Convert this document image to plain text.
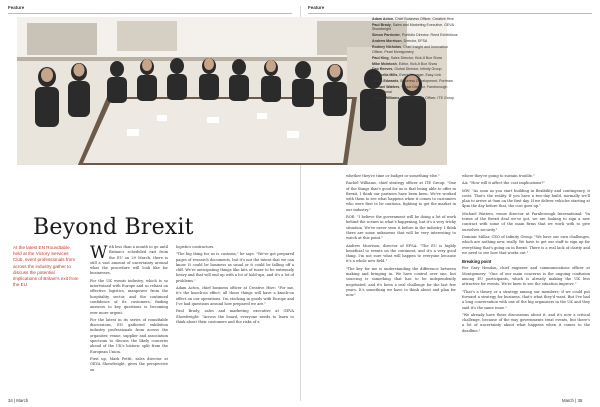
Feature	Feature
Beyond Brexit
At the latest EN Roundtable, held at the Victory Services Club, event professionals from across the industry gather to discuss the potential implications of Britain's exit from the EU

With less than a month to go until Britain's scheduled exit from the EU on 29 March, there is still a vast amount of uncertainty around what the procedure will look like for businesses.

For the UK events industry, which is so intertwined with Europe and so reliant on effective logistics, manpower from the hospitality sector, and the continued confidence of its customers, finding answers to key questions is becoming ever more urgent.

For the latest in its series of roundtable discussions, EN gathered exhibition industry professionals from across the organiser, venue, supplier and association spectrum to discuss the likely concerns ahead of the UK's historic split from the European Union.

First up, Mark Pettit, sales director at GEVA Showfreight, gives the perspective on

logistics contractors.

"The big thing for us is customs," he says. "We've got prepared pages of research documents, but it's not the intent that we can know. It could be business as usual or it could be falling off a cliff. We're anticipating things like kits of tuner to be extremely heavy and that will end up with a lot of hold-ups, and it's a lot of problems."

Adam Acton, chief business officer at Creative Hive: "For me, it's the knock-on effect; all those things will have a knock-on effect on our operations. I'm stocking in goods with Europe and I've had questions around how prepared we are."

Paul Brady, sales and marketing executive at GEVA Showfreight: "Across the board, everyone needs to learn to think about their customers and the risks of a

Adam Acton, Chief Business Officer, Creative Hive
Paul Brady, Sales and Marketing Executive, GEVA Showfreight
Simon Parrinder, Portfolio Director, Reed Exhibitions
Andrew Morrison, Director, EFSA
Rodney Nicholas, Chief Insight and Innovation Officer, Pearl Montgomery
Paul King, Sales Director, Kick-It Box Show
Mike McIntosh, Editor, Kick-It Box Show
Dan Reeves, Global Director, Infinity Group
Antonella Mills, Event Manager, Easy Link
Jason Edwards, Business Development, Portman
Michael Watters, Venue Director, Farnborough International
Rachel Williams, Chief Strategy Officer, ITE Group

whether they're time or budget or something else."

Rachel Williams, chief strategy officer at ITE Group: "One of the things that's good for us is that being able to offer in Brexit, I think our partners have been keen. We've worked with them to see what happens when it comes to customers who were first to be cautious, fighting to get the market in our industry."

ROE: "I believe the government will be doing a lot of work behind the scenes in what's happening, but it's a very tricky situation. We've never seen it before in the industry. I think there are some unknowns that will be very interesting to watch at this point."

Andrew Morrison, director of EFSA: "The EU is highly beneficial to events on the continent, and it's a very good thing. I'm not sure what will happen to everyone because it's a whole new field."

"The key for me is understanding the difference between making and bringing in. We have control over one, but sourcing is something that has to be independently negotiated, and it's been a real challenge for the last few years. It's something we have to think about and plan for now."

where they're going to sustain trouble."

AA: "How will it affect the cost implications?"

MW: "As soon as you start building in flexibility and contingency, it costs. That's the reality. If you have a two-day build, normally we'll plan to arrive at 9am on the first day. If we deliver vehicles starting at 4pm the day before that, the cost goes up."

Michael Watters, venue director at Farnborough International: "In terms of the Brexit deal we've got, we are looking to sign a new contract with some of the main firms that we work with to give ourselves security."

Dominic Millar, CEO of Infinity Group: "We have our own challenges, which are nothing new, really. We have to get our staff to sign up for everything that's going on in Brexit. There is a real lack of clarity and we need to see how that works out."

Breaking point

For Gary Hendon, chief engineer and communications officer at Montgomery: "One of our main concerns is the ongoing confusion among EU participants, which is already making the UK less attractive for events. We're keen to see the situation improve."

"That's a theory or a strategy among our members; if we could put forward a strategy for business, that's what they'd want. But I've had a long conversation with one of the big organisers in the UK and they said it's the same issue."

"We already have these discussions about it, and it's now a critical challenge, because of the way governments treat events, but there's a lot of uncertainty about what happens when it comes to the deadline."

34 | March	March | 35
